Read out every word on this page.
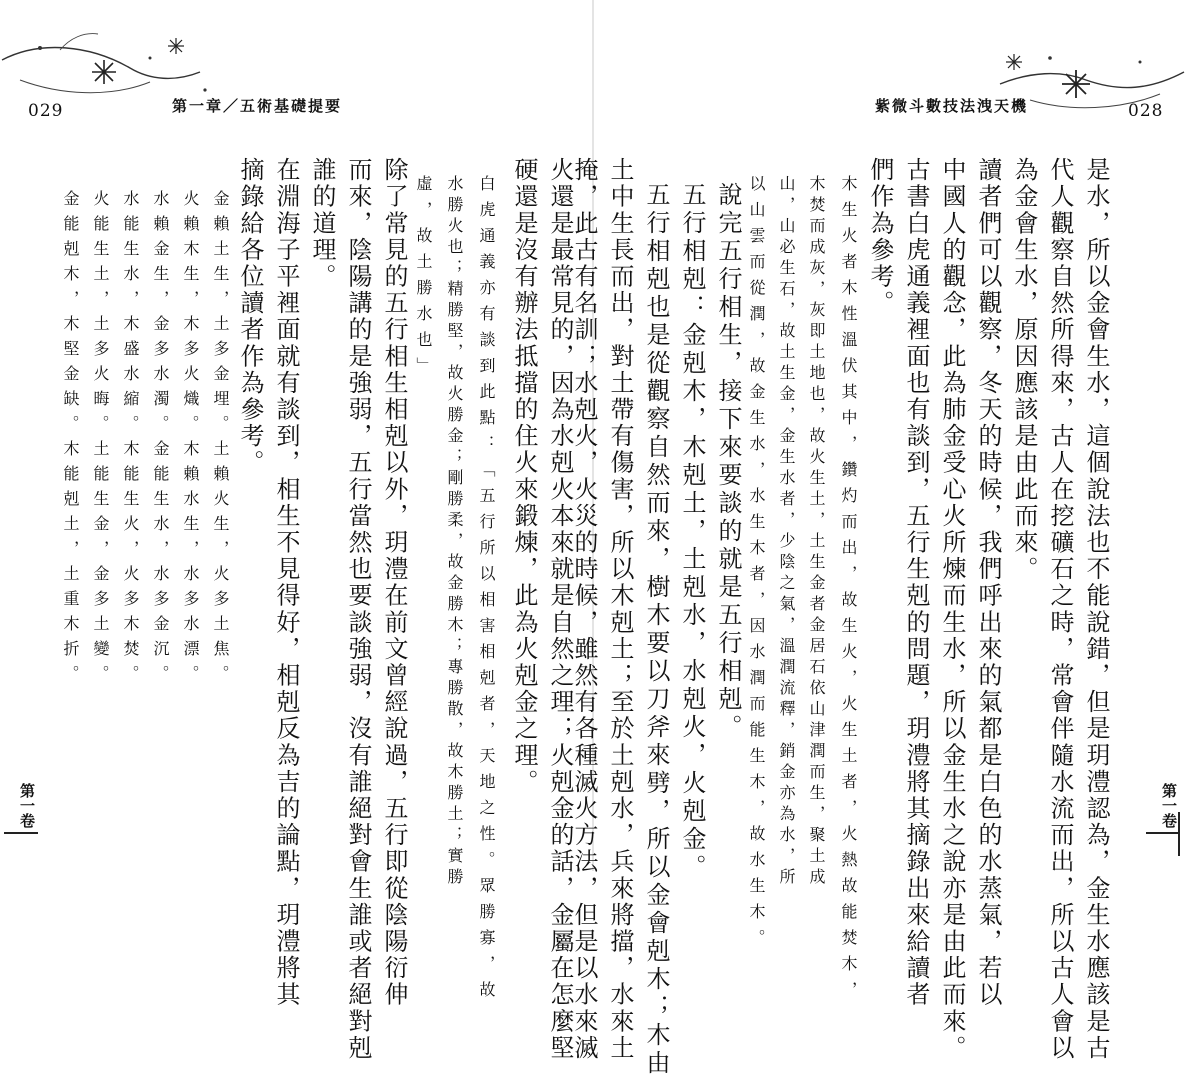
029	第一章／五術基礎提要	紫微斗數技法洩天機	028
第一卷	第一卷
火還是最常見的，因為水剋火本來就是自然之理；火剋金的話，金屬在怎麼堅
硬還是沒有辦法抵擋的住火來鍛煉，此為火剋金之理。
白虎通義亦有談到此點：「五行所以相害相剋者，天地之性。眾勝寡，故
水勝火也；精勝堅，故火勝金；剛勝柔，故金勝木；專勝散，故木勝土；實勝
虛，故土勝水也」
除了常見的五行相生相剋以外，玥澧在前文曾經說過，五行即從陰陽衍伸
而來，陰陽講的是強弱，五行當然也要談強弱，沒有誰絕對會生誰或者絕對剋
誰的道理。
在淵海子平裡面就有談到，相生不見得好，相剋反為吉的論點，玥澧將其
摘錄給各位讀者作為參考。
金賴土生，土多金埋。土賴火生，火多土焦。
火賴木生，木多火熾。木賴水生，水多水漂。
水賴金生，金多水濁。金能生水，水多金沉。
水能生水，木盛水縮。木能生火，火多木焚。
火能生土，土多火晦。土能生金，金多土變。
金能剋木，木堅金缺。木能剋土，土重木折。	是水，所以金會生水，這個說法也不能說錯，但是玥澧認為，金生水應該是古
代人觀察自然所得來，古人在挖礦石之時，常會伴隨水流而出，所以古人會以
為金會生水，原因應該是由此而來。
讀者們可以觀察，冬天的時候，我們呼出來的氣都是白色的水蒸氣，若以
中國人的觀念，此為肺金受心火所煉而生水，所以金生水之說亦是由此而來。
古書白虎通義裡面也有談到，五行生剋的問題，玥澧將其摘錄出來給讀者
們作為參考。
木生火者木性溫伏其中，鑽灼而出，故生火，火生土者，火熱故能焚木，
木焚而成灰，灰即土地也，故火生土，土生金者金居石依山津潤而生，聚土成
山，山必生石，故土生金，金生水者，少陰之氣，溫潤流釋，銷金亦為水，所
以山雲而從潤，故金生水，水生木者，因水潤而能生木，故水生木。
說完五行相生，接下來要談的就是五行相剋。
五行相剋：金剋木，木剋土，土剋水，水剋火，火剋金。
五行相剋也是從觀察自然而來，樹木要以刀斧來劈，所以金會剋木；木由
土中生長而出，對土帶有傷害，所以木剋土；至於土剋水，兵來將擋，水來土
掩，此古有名訓；水剋火，火災的時候，雖然有各種滅火方法，但是以水來滅
